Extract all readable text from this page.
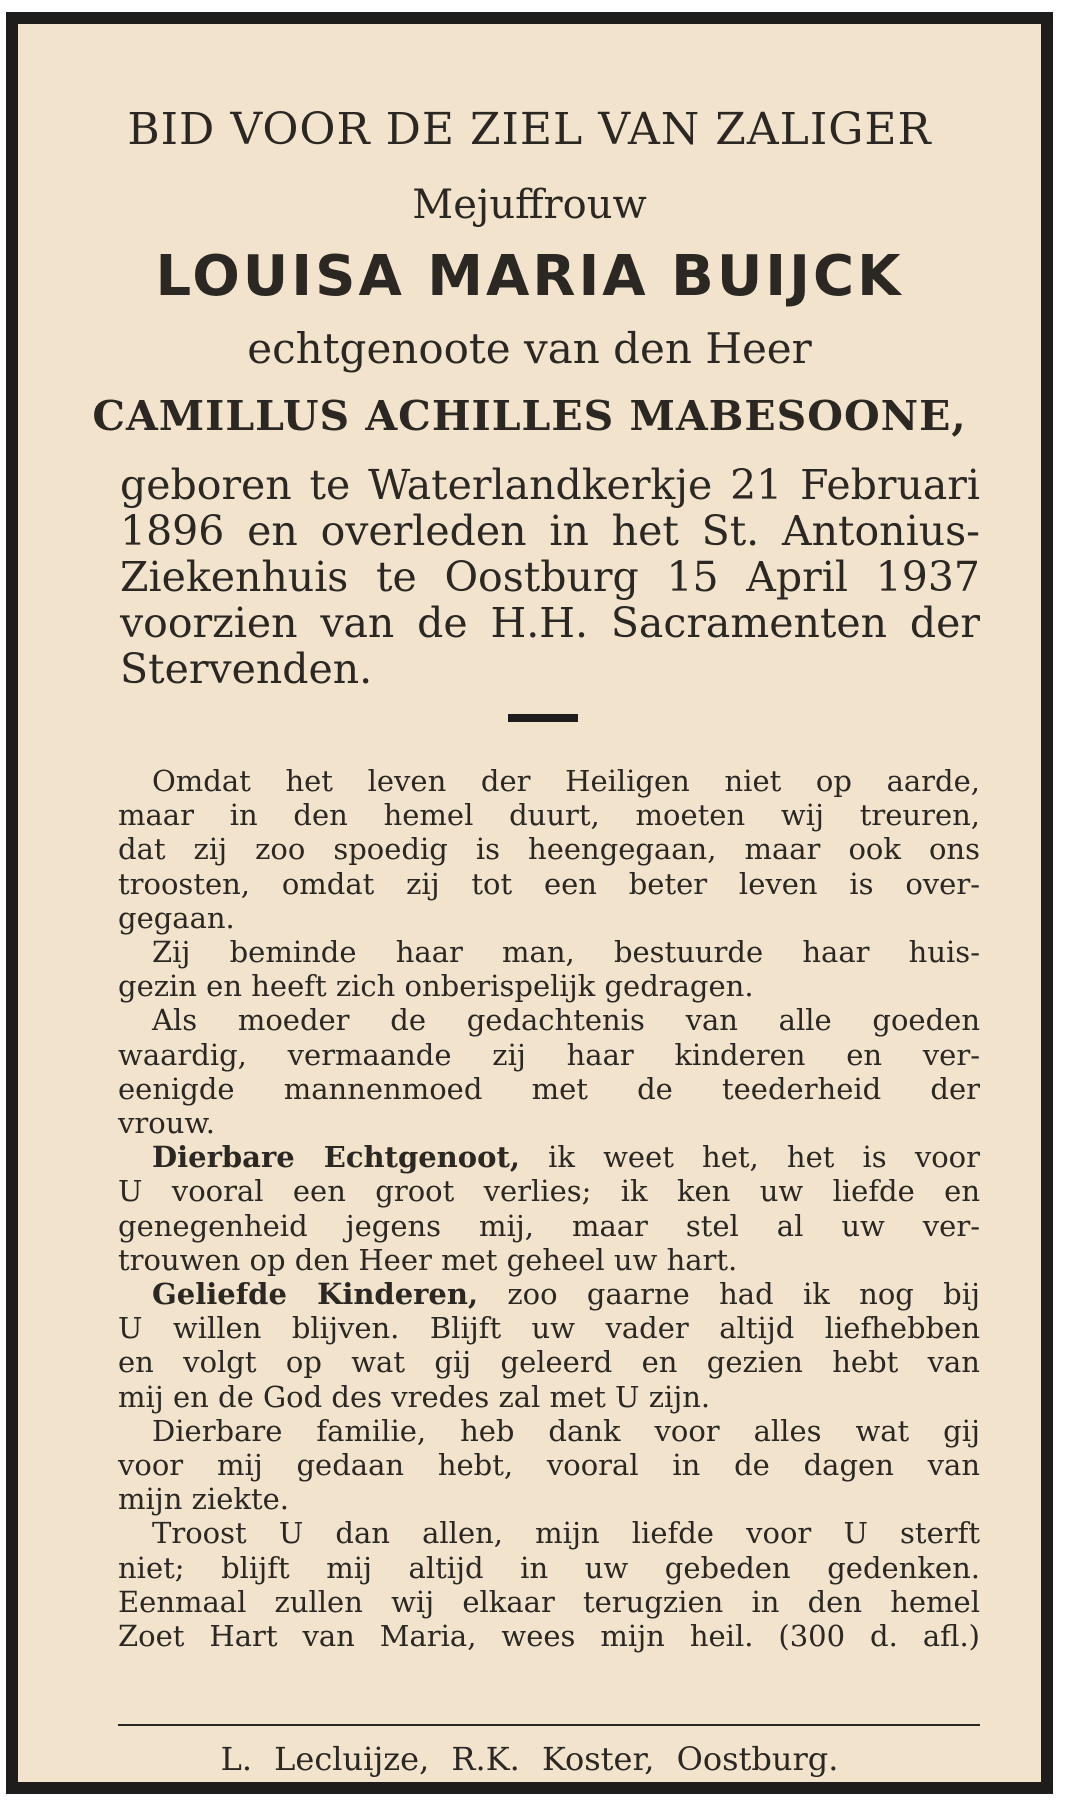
BID VOOR DE ZIEL VAN ZALIGER
Mejuffrouw
LOUISA MARIA BUIJCK
echtgenoote van den Heer
CAMILLUS ACHILLES MABESOONE,
geboren te Waterlandkerkje 21 Februari
1896 en overleden in het St. Antonius-
Ziekenhuis te Oostburg 15 April 1937
voorzien van de H.H. Sacramenten der
Stervenden.
Omdat het leven der Heiligen niet op aarde,
maar in den hemel duurt, moeten wij treuren,
dat zij zoo spoedig is heengegaan, maar ook ons
troosten, omdat zij tot een beter leven is over-
gegaan.
Zij beminde haar man, bestuurde haar huis-
gezin en heeft zich onberispelijk gedragen.
Als moeder de gedachtenis van alle goeden
waardig, vermaande zij haar kinderen en ver-
eenigde mannenmoed met de teederheid der
vrouw.
Dierbare Echtgenoot, ik weet het, het is voor
U vooral een groot verlies; ik ken uw liefde en
genegenheid jegens mij, maar stel al uw ver-
trouwen op den Heer met geheel uw hart.
Geliefde Kinderen, zoo gaarne had ik nog bij
U willen blijven. Blijft uw vader altijd liefhebben
en volgt op wat gij geleerd en gezien hebt van
mij en de God des vredes zal met U zijn.
Dierbare familie, heb dank voor alles wat gij
voor mij gedaan hebt, vooral in de dagen van
mijn ziekte.
Troost U dan allen, mijn liefde voor U sterft
niet; blijft mij altijd in uw gebeden gedenken.
Eenmaal zullen wij elkaar terugzien in den hemel
Zoet Hart van Maria, wees mijn heil. (300 d. afl.)
L. Lecluijze, R.K. Koster, Oostburg.
